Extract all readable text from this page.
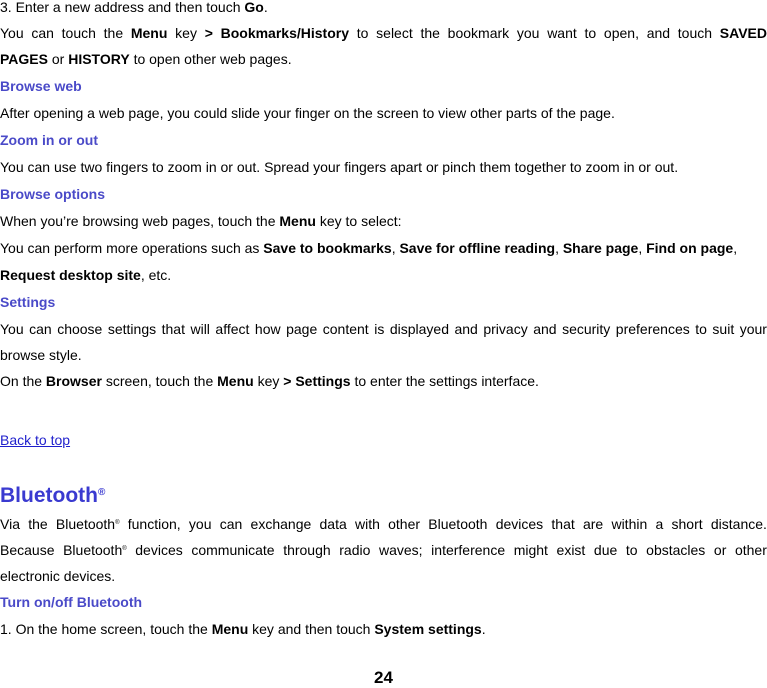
3. Enter a new address and then touch Go.
You can touch the Menu key > Bookmarks/History to select the bookmark you want to open, and touch SAVED
PAGES or HISTORY to open other web pages.
Browse web
After opening a web page, you could slide your finger on the screen to view other parts of the page.
Zoom in or out
You can use two fingers to zoom in or out. Spread your fingers apart or pinch them together to zoom in or out.
Browse options
When you’re browsing web pages, touch the Menu key to select:
You can perform more operations such as Save to bookmarks, Save for offline reading, Share page, Find on page,
Request desktop site, etc.
Settings
You can choose settings that will affect how page content is displayed and privacy and security preferences to suit your
browse style.
On the Browser screen, touch the Menu key > Settings to enter the settings interface.
Back to top
Bluetooth®
Via the Bluetooth® function, you can exchange data with other Bluetooth devices that are within a short distance.
Because Bluetooth® devices communicate through radio waves; interference might exist due to obstacles or other
electronic devices.
Turn on/off Bluetooth
1. On the home screen, touch the Menu key and then touch System settings.
24
